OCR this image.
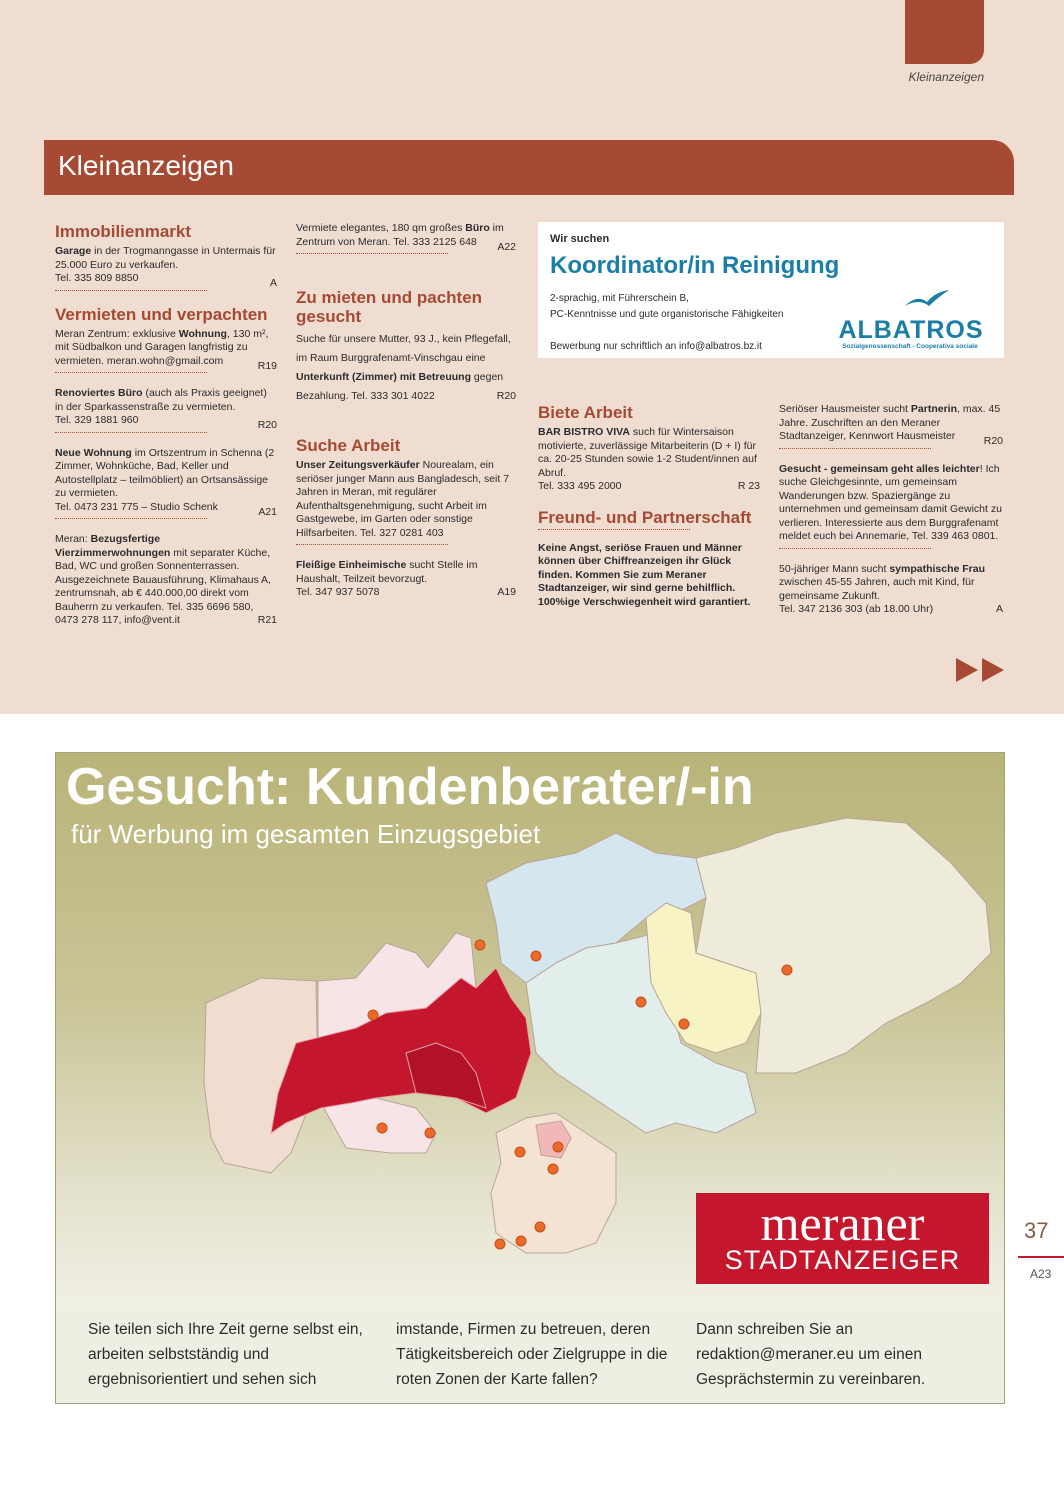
Kleinanzeigen
Kleinanzeigen
Immobilienmarkt
Garage in der Trogmanngasse in Untermais für 25.000 Euro zu verkaufen.
Tel. 335 809 8850	A
Vermieten und verpachten
Meran Zentrum: exklusive Wohnung, 130 m², mit Südbalkon und Garagen langfristig zu vermieten. meran.wohn@gmail.com	R19
Renoviertes Büro (auch als Praxis geeignet) in der Sparkassenstraße zu vermieten.
Tel. 329 1881 960	R20
Neue Wohnung im Ortszentrum in Schenna (2 Zimmer, Wohnküche, Bad, Keller und Autostellplatz – teilmöbliert) an Ortsansässige zu vermieten.
Tel. 0473 231 775 – Studio Schenk	A21
Meran: Bezugsfertige Vierzimmerwohnungen mit separater Küche, Bad, WC und großen Sonnenterrassen. Ausgezeichnete Bauausführung, Klimahaus A, zentrumsnah, ab € 440.000,00 direkt vom Bauherrn zu verkaufen. Tel. 335 6696 580, 0473 278 117, info@vent.it	R21
Vermiete elegantes, 180 qm großes Büro im Zentrum von Meran. Tel. 333 2125 648 A22
Zu mieten und pachten gesucht
Suche für unsere Mutter, 93 J., kein Pflegefall, im Raum Burggrafenamt-Vinschgau eine Unterkunft (Zimmer) mit Betreuung gegen Bezahlung. Tel. 333 301 4022	R20
Suche Arbeit
Unser Zeitungsverkäufer Nourealam, ein seriöser junger Mann aus Bangladesch, seit 7 Jahren in Meran, mit regulärer Aufenthaltsgenehmigung, sucht Arbeit im Gastgewebe, im Garten oder sonstige Hilfsarbeiten. Tel. 327 0281 403
Fleißige Einheimische sucht Stelle im Haushalt, Teilzeit bevorzugt.
Tel. 347 937 5078	A19
Wir suchen
Koordinator/in Reinigung
2-sprachig, mit Führerschein B,
PC-Kenntnisse und gute organistorische Fähigkeiten
Bewerbung nur schriftlich an info@albatros.bz.it
ALBATROS
Sozialgenossenschaft - Cooperativa sociale
Biete Arbeit
BAR BISTRO VIVA such für Wintersaison motivierte, zuverlässige Mitarbeiterin (D + I) für ca. 20-25 Stunden sowie 1-2 Student/innen auf Abruf.
Tel. 333 495 2000	R 23
Freund- und Partnerschaft
Keine Angst, seriöse Frauen und Männer können über Chiffreanzeigen ihr Glück finden. Kommen Sie zum Meraner Stadtanzeiger, wir sind gerne behilflich. 100%ige Verschwiegenheit wird garantiert.
Seriöser Hausmeister sucht Partnerin, max. 45 Jahre. Zuschriften an den Meraner Stadtanzeiger, Kennwort Hausmeister	R20
Gesucht - gemeinsam geht alles leichter! Ich suche Gleichgesinnte, um gemeinsam Wanderungen bzw. Spaziergänge zu unternehmen und gemeinsam damit Gewicht zu verlieren. Interessierte aus dem Burggrafenamt meldet euch bei Annemarie, Tel. 339 463 0801.
50-jähriger Mann sucht sympathische Frau zwischen 45-55 Jahren, auch mit Kind, für gemeinsame Zukunft.
Tel. 347 2136 303 (ab 18.00 Uhr)	A
Gesucht: Kundenberater/-in
für Werbung im gesamten Einzugsgebiet
meraner
STADTANZEIGER
Sie teilen sich Ihre Zeit gerne selbst ein, arbeiten selbstständig und ergebnisorientiert und sehen sich
imstande, Firmen zu betreuen, deren Tätigkeitsbereich oder Zielgruppe in die roten Zonen der Karte fallen?
Dann schreiben Sie an redaktion@meraner.eu um einen Gesprächstermin zu vereinbaren.
37
A23
